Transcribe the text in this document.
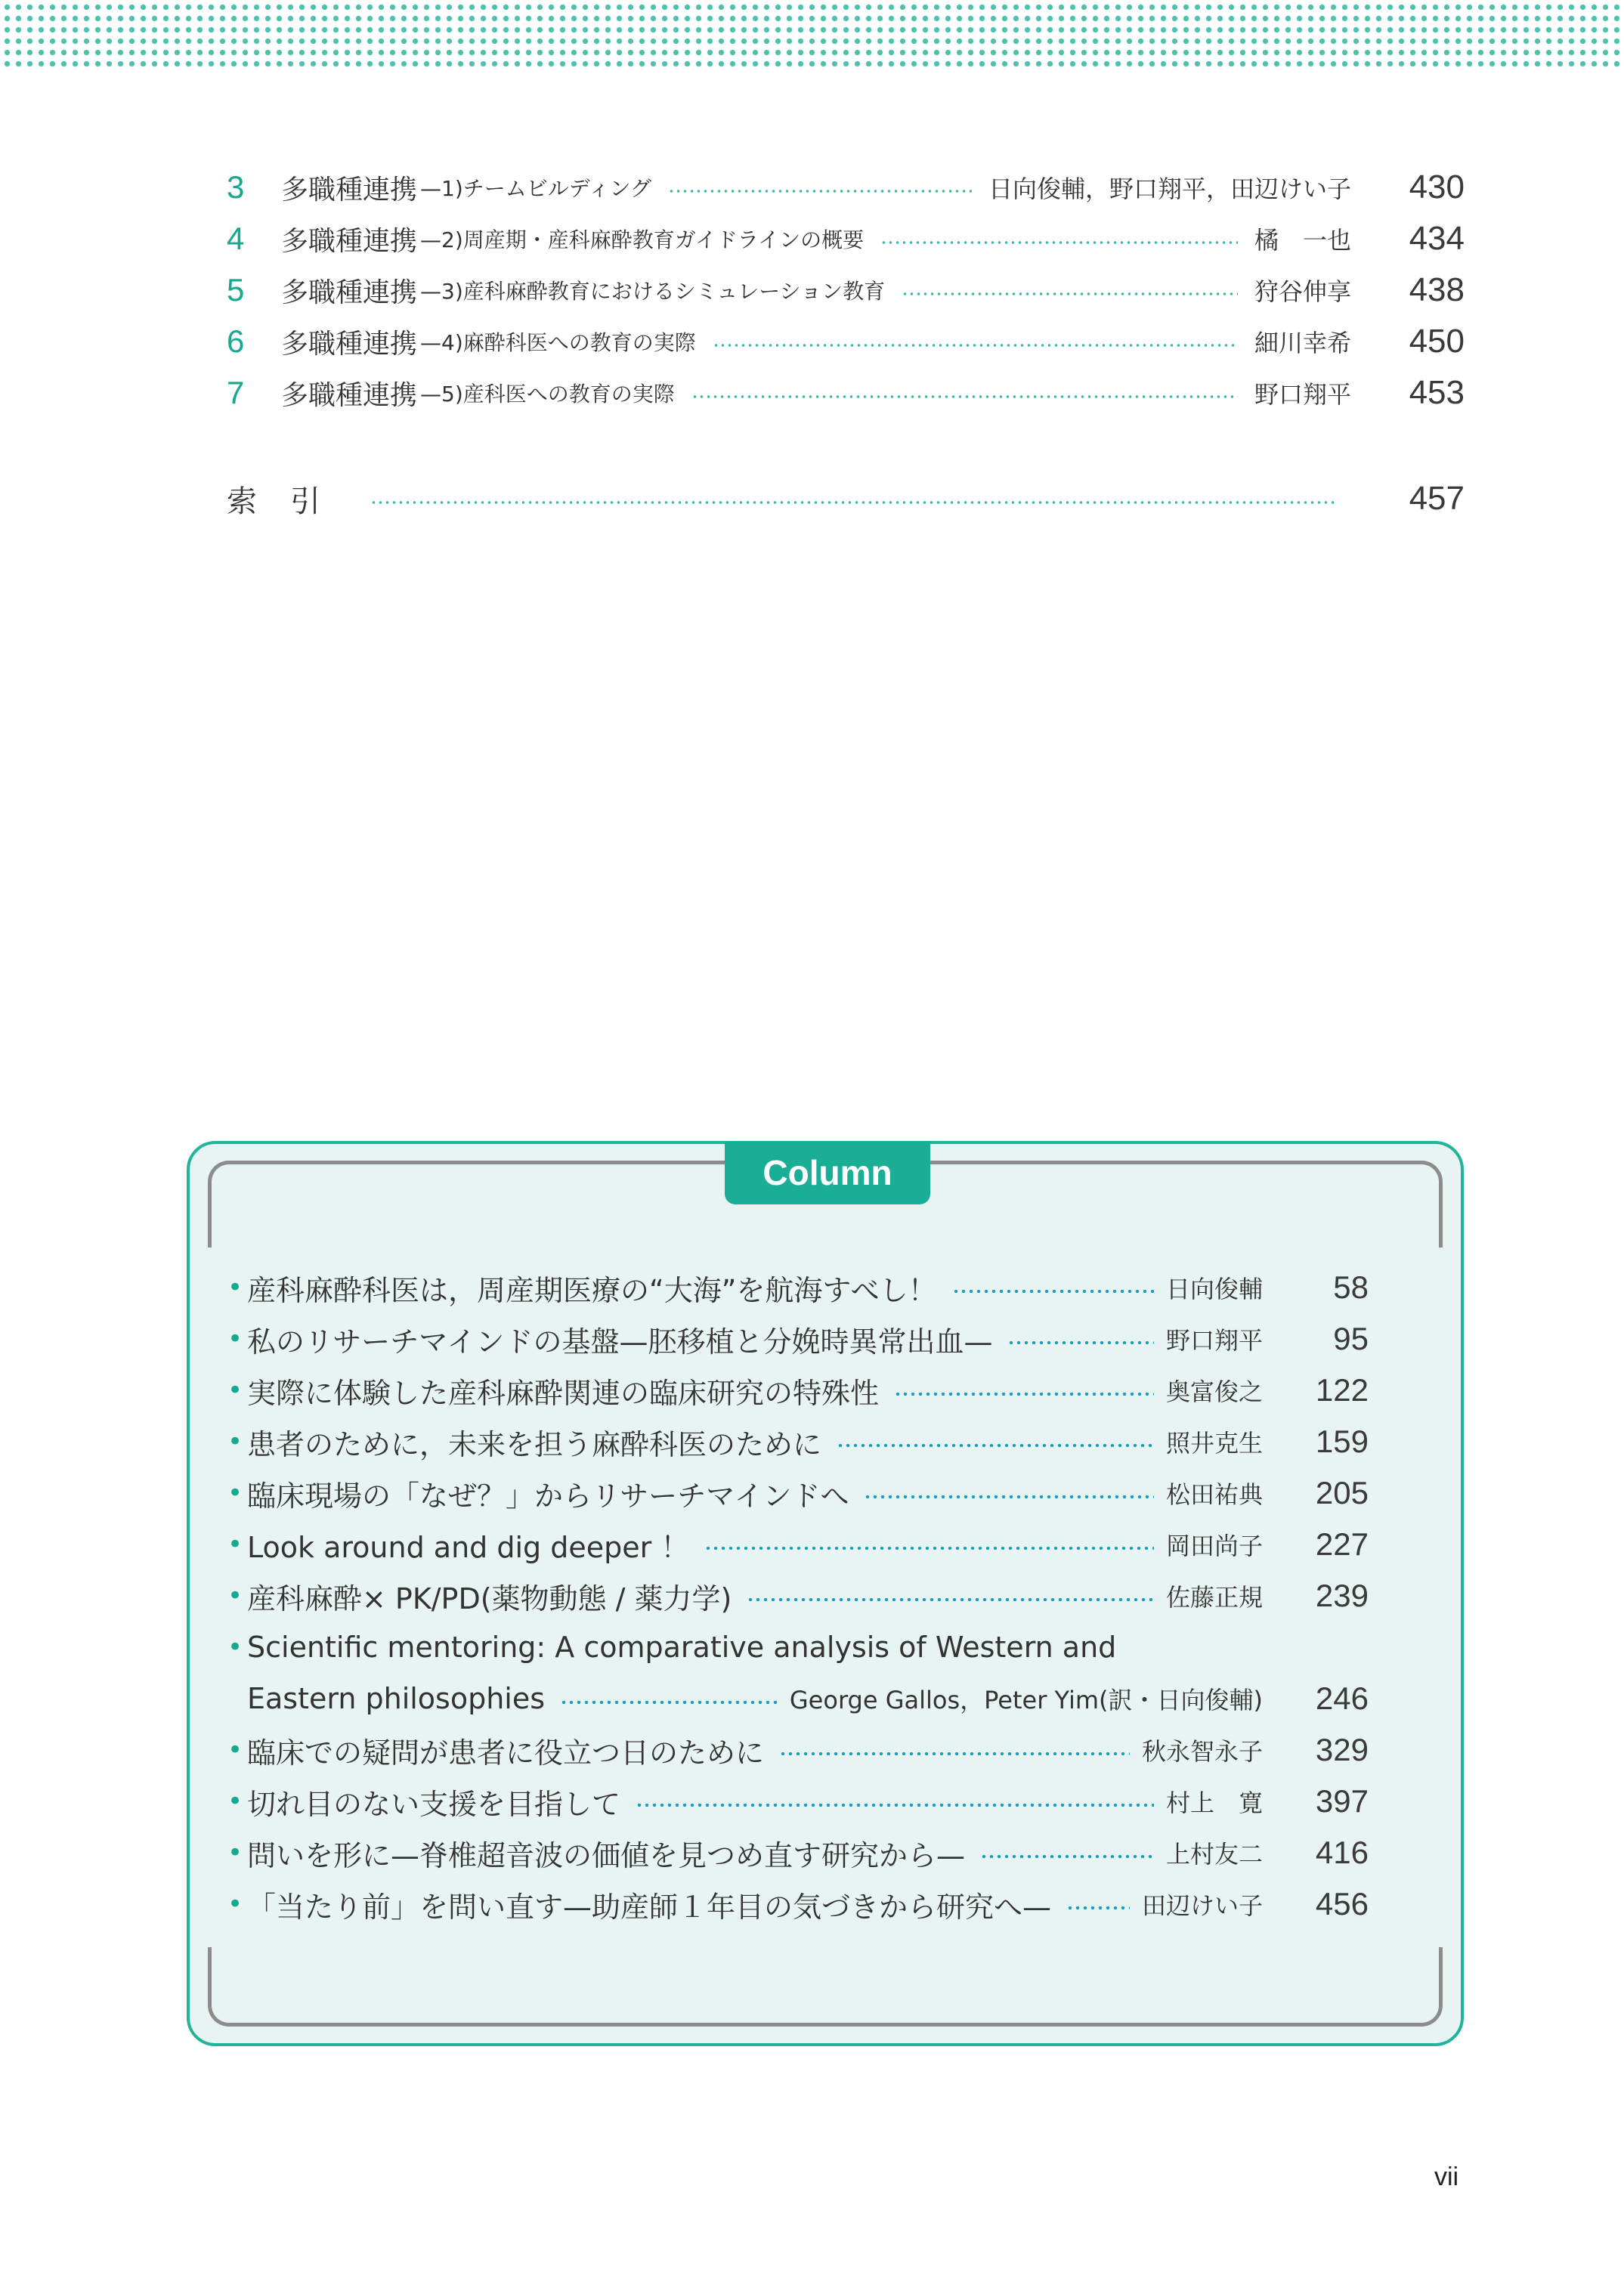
3	多職種連携 —1)チームビルディング	日向俊輔，野口翔平，田辺けい子	430
4	多職種連携 —2)周産期・産科麻酔教育ガイドラインの概要	橘　一也	434
5	多職種連携 —3)産科麻酔教育におけるシミュレーション教育	狩谷伸享	438
6	多職種連携 —4)麻酔科医への教育の実際	細川幸希	450
7	多職種連携 —5)産科医への教育の実際	野口翔平	453
索引	457
Column
• 産科麻酔科医は，周産期医療の“大海”を航海すべし！	日向俊輔	58
• 私のリサーチマインドの基盤—胚移植と分娩時異常出血—	野口翔平	95
• 実際に体験した産科麻酔関連の臨床研究の特殊性	奥富俊之	122
• 患者のために，未来を担う麻酔科医のために	照井克生	159
• 臨床現場の「なぜ？」からリサーチマインドへ	松田祐典	205
• Look around and dig deeper ！	岡田尚子	227
• 産科麻酔× PK/PD(薬物動態 / 薬力学)	佐藤正規	239
• Scientific mentoring: A comparative analysis of Western and
Eastern philosophies	George Gallos，Peter Yim(訳・日向俊輔)	246
• 臨床での疑問が患者に役立つ日のために	秋永智永子	329
• 切れ目のない支援を目指して	村上　寛	397
• 問いを形に—脊椎超音波の価値を見つめ直す研究から—	上村友二	416
• 「当たり前」を問い直す—助産師１年目の気づきから研究へ—	田辺けい子	456
vii
